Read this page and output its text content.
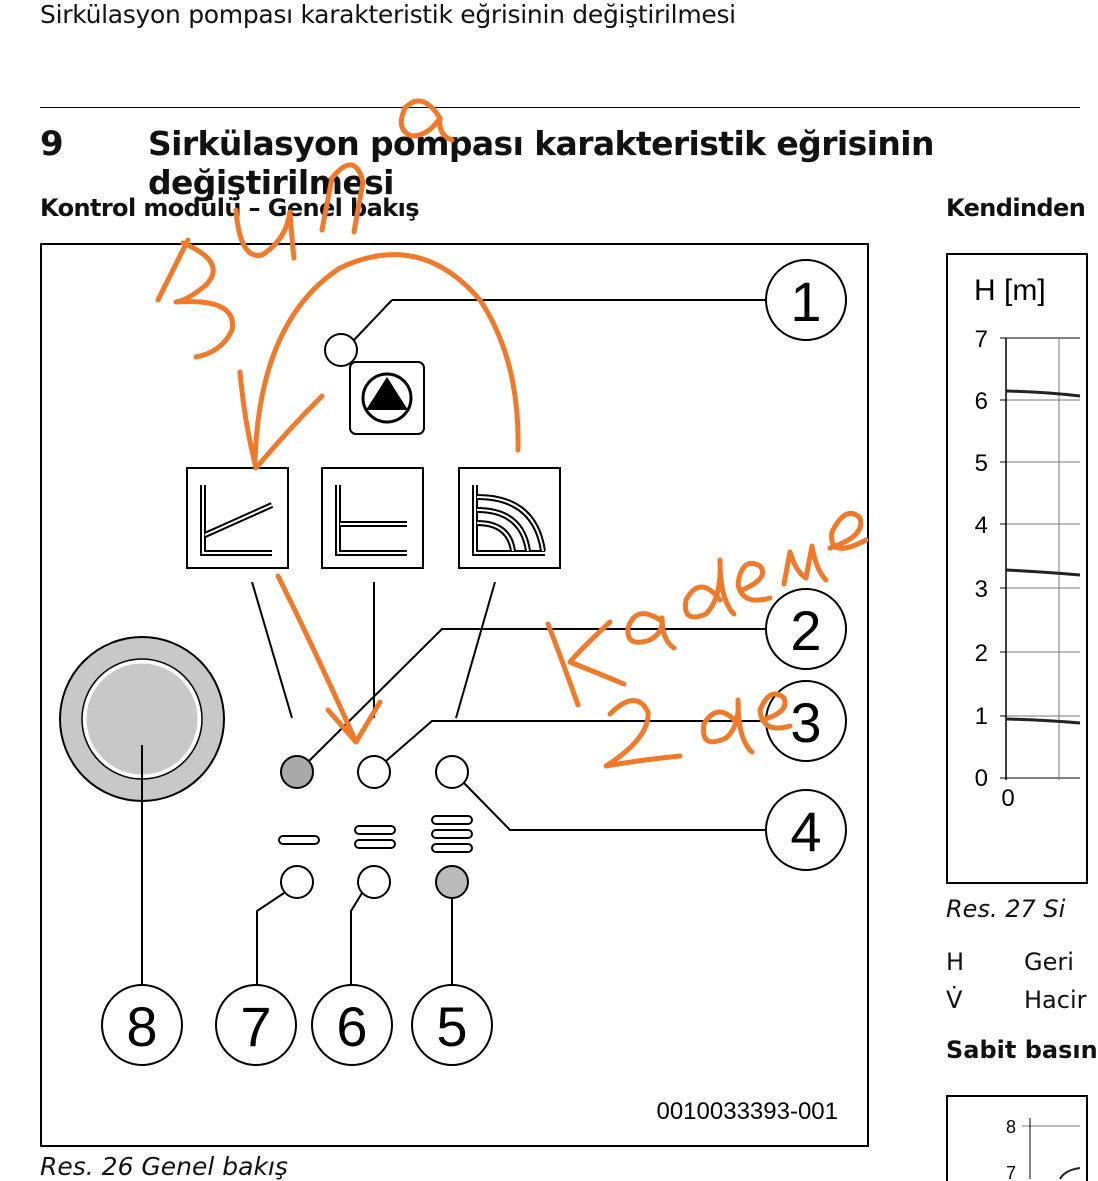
Sirkülasyon pompası karakteristik eğrisinin değiştirilmesi
9	Sirkülasyon pompası karakteristik eğrisinin değiştirilmesi
Kontrol modülü – Genel bakış	Kendinden
1
2
3
4
5
6
7
8
0010033393-001
Res. 26 Genel bakış
H [m]
7
6
5
4
3
2
1
0
0
8
7
Res. 27 Si
H Geri
V̇	Hacir
Sabit basın
